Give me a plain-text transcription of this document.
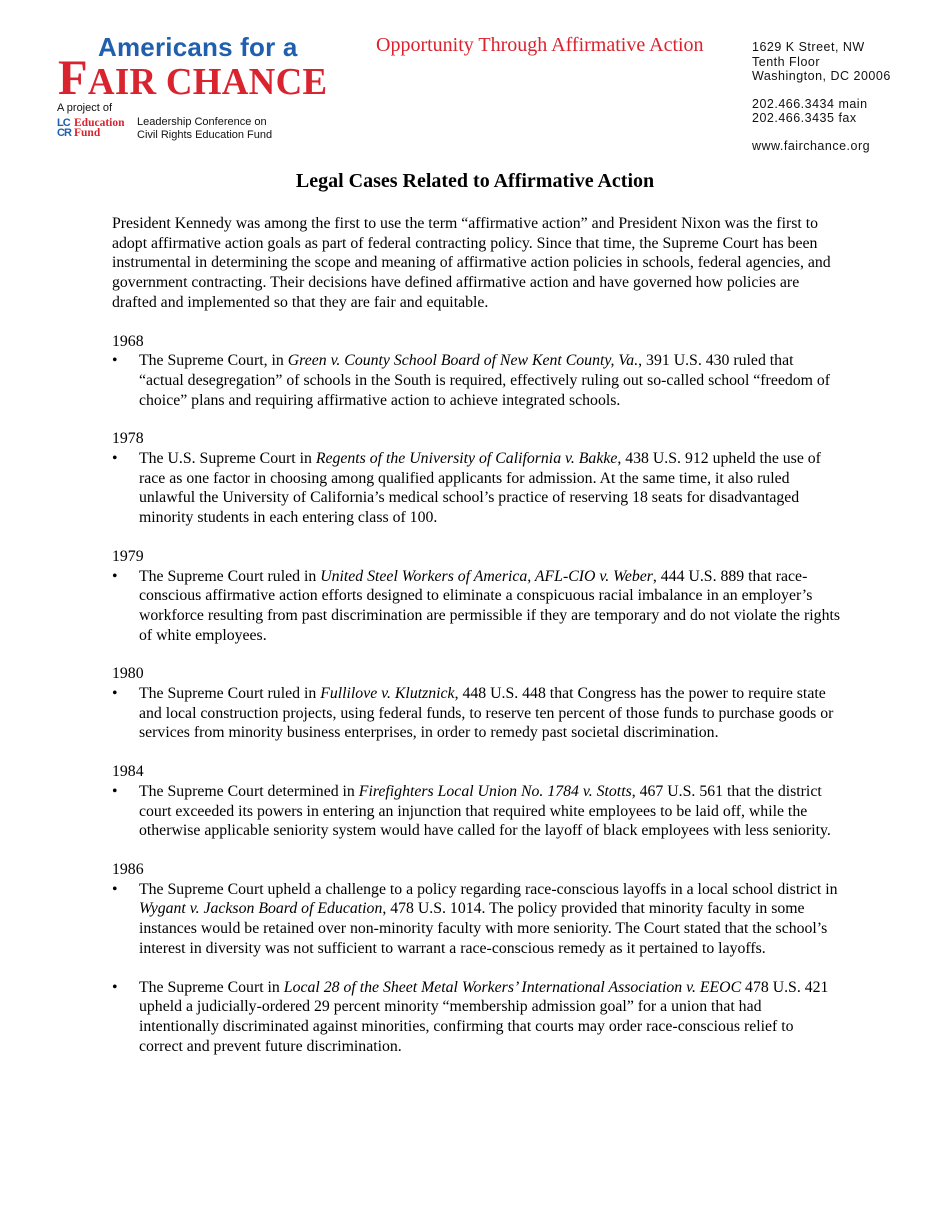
Americans for a
FAIR CHANCE
Opportunity Through Affirmative Action	1629 K Street, NW
Tenth Floor
Washington, DC 20006
202.466.3434 main
202.466.3435 fax
www.fairchance.org
A project of
LC
CR
Education
Fund
Leadership Conference on
Civil Rights Education Fund
Legal Cases Related to Affirmative Action

President Kennedy was among the first to use the term “affirmative action” and President Nixon was the first to adopt affirmative action goals as part of federal contracting policy. Since that time, the Supreme Court has been instrumental in determining the scope and meaning of affirmative action policies in schools, federal agencies, and government contracting. Their decisions have defined affirmative action and have governed how policies are drafted and implemented so that they are fair and equitable.

1968

• The Supreme Court, in Green v. County School Board of New Kent County, Va., 391 U.S. 430 ruled that “actual desegregation” of schools in the South is required, effectively ruling out so-called school “freedom of choice” plans and requiring affirmative action to achieve integrated schools.

1978

• The U.S. Supreme Court in Regents of the University of California v. Bakke, 438 U.S. 912 upheld the use of race as one factor in choosing among qualified applicants for admission. At the same time, it also ruled unlawful the University of California’s medical school’s practice of reserving 18 seats for disadvantaged minority students in each entering class of 100.

1979

• The Supreme Court ruled in United Steel Workers of America, AFL-CIO v. Weber, 444 U.S. 889 that race-conscious affirmative action efforts designed to eliminate a conspicuous racial imbalance in an employer’s workforce resulting from past discrimination are permissible if they are temporary and do not violate the rights of white employees.

1980

• The Supreme Court ruled in Fullilove v. Klutznick, 448 U.S. 448 that Congress has the power to require state and local construction projects, using federal funds, to reserve ten percent of those funds to purchase goods or services from minority business enterprises, in order to remedy past societal discrimination.

1984

• The Supreme Court determined in Firefighters Local Union No. 1784 v. Stotts, 467 U.S. 561 that the district court exceeded its powers in entering an injunction that required white employees to be laid off, while the otherwise applicable seniority system would have called for the layoff of black employees with less seniority.

1986

• The Supreme Court upheld a challenge to a policy regarding race-conscious layoffs in a local school district in Wygant v. Jackson Board of Education, 478 U.S. 1014. The policy provided that minority faculty in some instances would be retained over non-minority faculty with more seniority. The Court stated that the school’s interest in diversity was not sufficient to warrant a race-conscious remedy as it pertained to layoffs.
• The Supreme Court in Local 28 of the Sheet Metal Workers’ International Association v. EEOC 478 U.S. 421 upheld a judicially-ordered 29 percent minority “membership admission goal” for a union that had intentionally discriminated against minorities, confirming that courts may order race-conscious relief to correct and prevent future discrimination.
